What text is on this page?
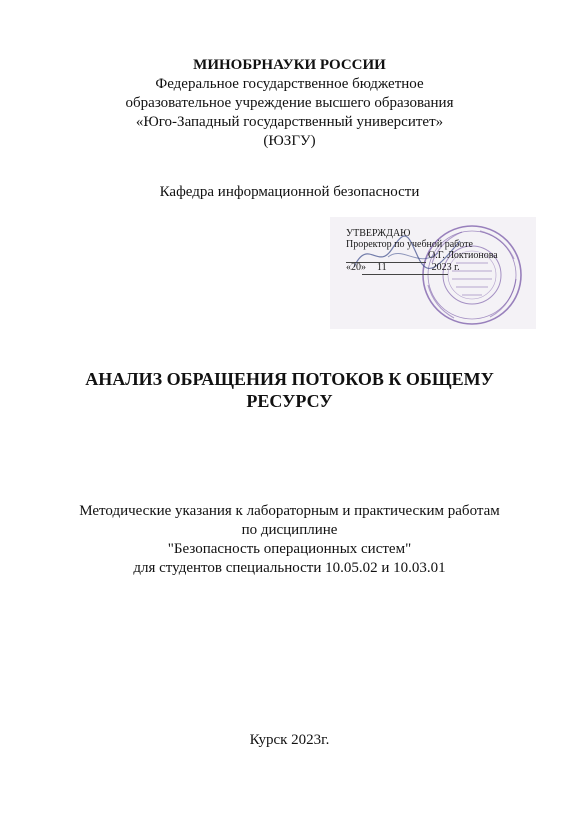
МИНОБРНАУКИ РОССИИ
Федеральное государственное бюджетное
образовательное учреждение высшего образования
«Юго-Западный государственный университет»
(ЮЗГУ)
Кафедра информационной безопасности
УТВЕРЖДАЮ
Проректор по учебной работе
О.Г. Локтионова
«20» 11	2023 г.
АНАЛИЗ ОБРАЩЕНИЯ ПОТОКОВ К ОБЩЕМУ
РЕСУРСУ
Методические указания к лабораторным и практическим работам
по дисциплине
"Безопасность операционных систем"
для студентов специальности 10.05.02 и 10.03.01
Курск 2023г.
